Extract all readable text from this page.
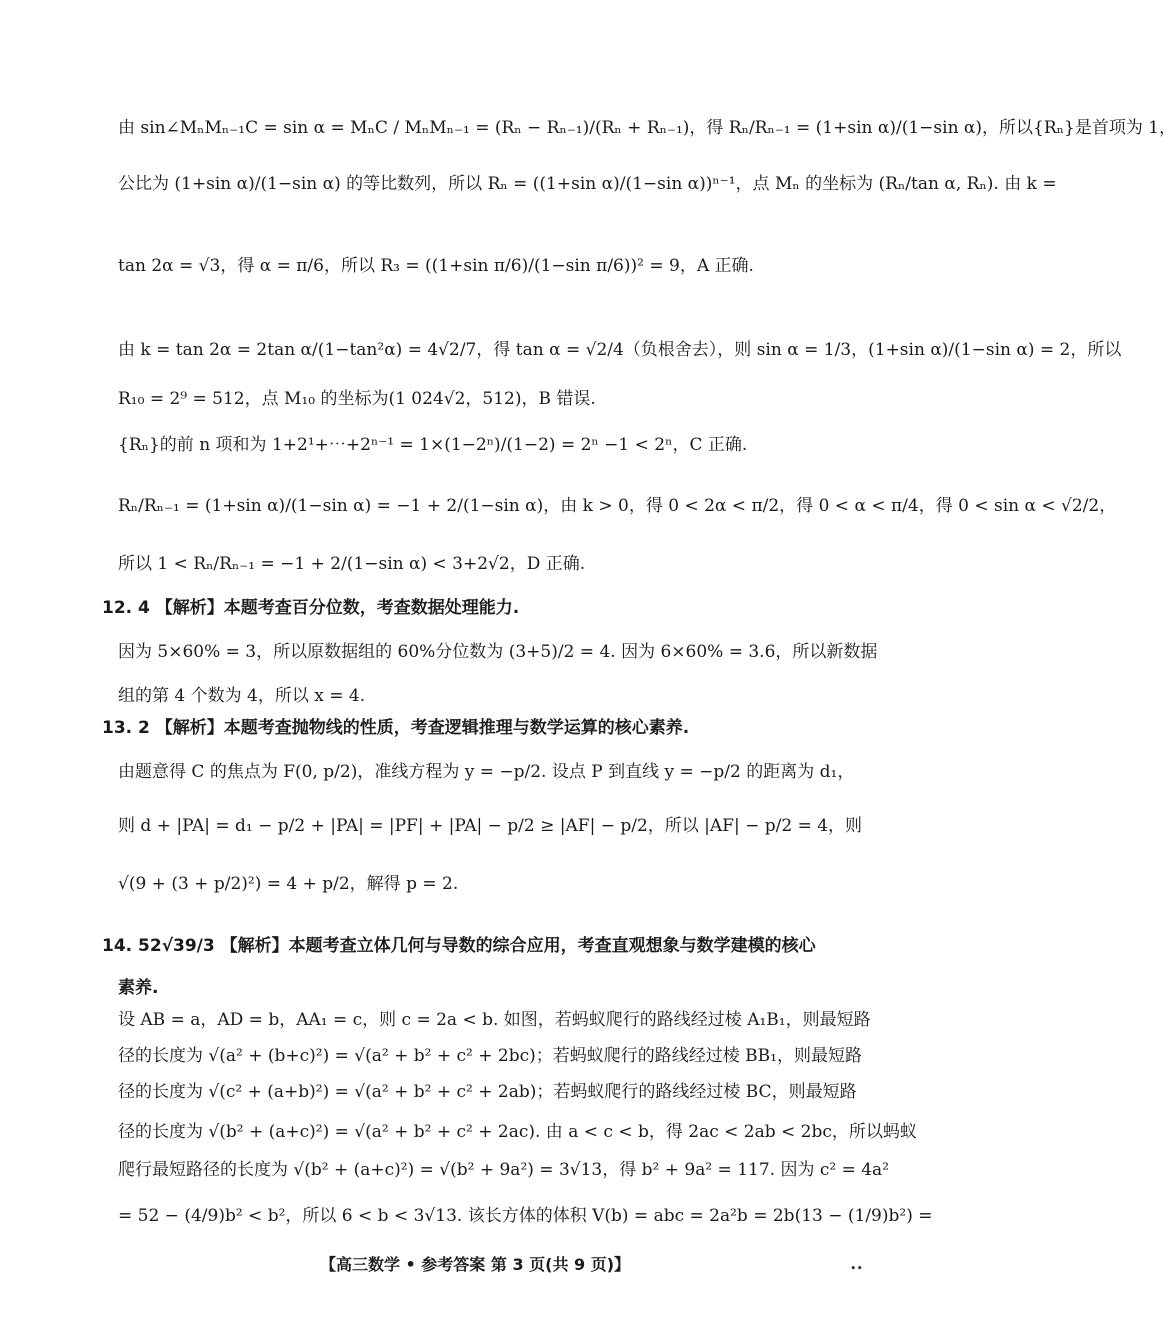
由 sin∠MₙMₙ₋₁C = sin α = MₙC / MₙMₙ₋₁ = (Rₙ − Rₙ₋₁)/(Rₙ + Rₙ₋₁)，得 Rₙ/Rₙ₋₁ = (1+sin α)/(1−sin α)，所以{Rₙ}是首项为 1，
公比为 (1+sin α)/(1−sin α) 的等比数列，所以 Rₙ = ((1+sin α)/(1−sin α))ⁿ⁻¹，点 Mₙ 的坐标为 (Rₙ/tan α, Rₙ). 由 k =
tan 2α = √3，得 α = π/6，所以 R₃ = ((1+sin π/6)/(1−sin π/6))² = 9，A 正确.
由 k = tan 2α = 2tan α/(1−tan²α) = 4√2/7，得 tan α = √2/4（负根舍去），则 sin α = 1/3，(1+sin α)/(1−sin α) = 2，所以
R₁₀ = 2⁹ = 512，点 M₁₀ 的坐标为(1 024√2，512)，B 错误.
{Rₙ}的前 n 项和为 1+2¹+⋯+2ⁿ⁻¹ = 1×(1−2ⁿ)/(1−2) = 2ⁿ −1 < 2ⁿ，C 正确.
Rₙ/Rₙ₋₁ = (1+sin α)/(1−sin α) = −1 + 2/(1−sin α)，由 k > 0，得 0 < 2α < π/2，得 0 < α < π/4，得 0 < sin α < √2/2，
所以 1 < Rₙ/Rₙ₋₁ = −1 + 2/(1−sin α) < 3+2√2，D 正确.
12. 4 【解析】本题考查百分位数，考查数据处理能力.
因为 5×60% = 3，所以原数据组的 60%分位数为 (3+5)/2 = 4. 因为 6×60% = 3.6，所以新数据
组的第 4 个数为 4，所以 x = 4.
13. 2 【解析】本题考查抛物线的性质，考查逻辑推理与数学运算的核心素养.
由题意得 C 的焦点为 F(0, p/2)，准线方程为 y = −p/2. 设点 P 到直线 y = −p/2 的距离为 d₁，
则 d + |PA| = d₁ − p/2 + |PA| = |PF| + |PA| − p/2 ≥ |AF| − p/2，所以 |AF| − p/2 = 4，则
√(9 + (3 + p/2)²) = 4 + p/2，解得 p = 2.
14. 52√39/3 【解析】本题考查立体几何与导数的综合应用，考查直观想象与数学建模的核心
素养.
设 AB = a，AD = b，AA₁ = c，则 c = 2a < b. 如图，若蚂蚁爬行的路线经过棱 A₁B₁，则最短路
径的长度为 √(a² + (b+c)²) = √(a² + b² + c² + 2bc)；若蚂蚁爬行的路线经过棱 BB₁，则最短路
径的长度为 √(c² + (a+b)²) = √(a² + b² + c² + 2ab)；若蚂蚁爬行的路线经过棱 BC，则最短路
径的长度为 √(b² + (a+c)²) = √(a² + b² + c² + 2ac). 由 a < c < b，得 2ac < 2ab < 2bc，所以蚂蚁
爬行最短路径的长度为 √(b² + (a+c)²) = √(b² + 9a²) = 3√13，得 b² + 9a² = 117. 因为 c² = 4a²
= 52 − (4/9)b² < b²，所以 6 < b < 3√13. 该长方体的体积 V(b) = abc = 2a²b = 2b(13 − (1/9)b²) =
【高三数学 • 参考答案 第 3 页(共 9 页)】	••
